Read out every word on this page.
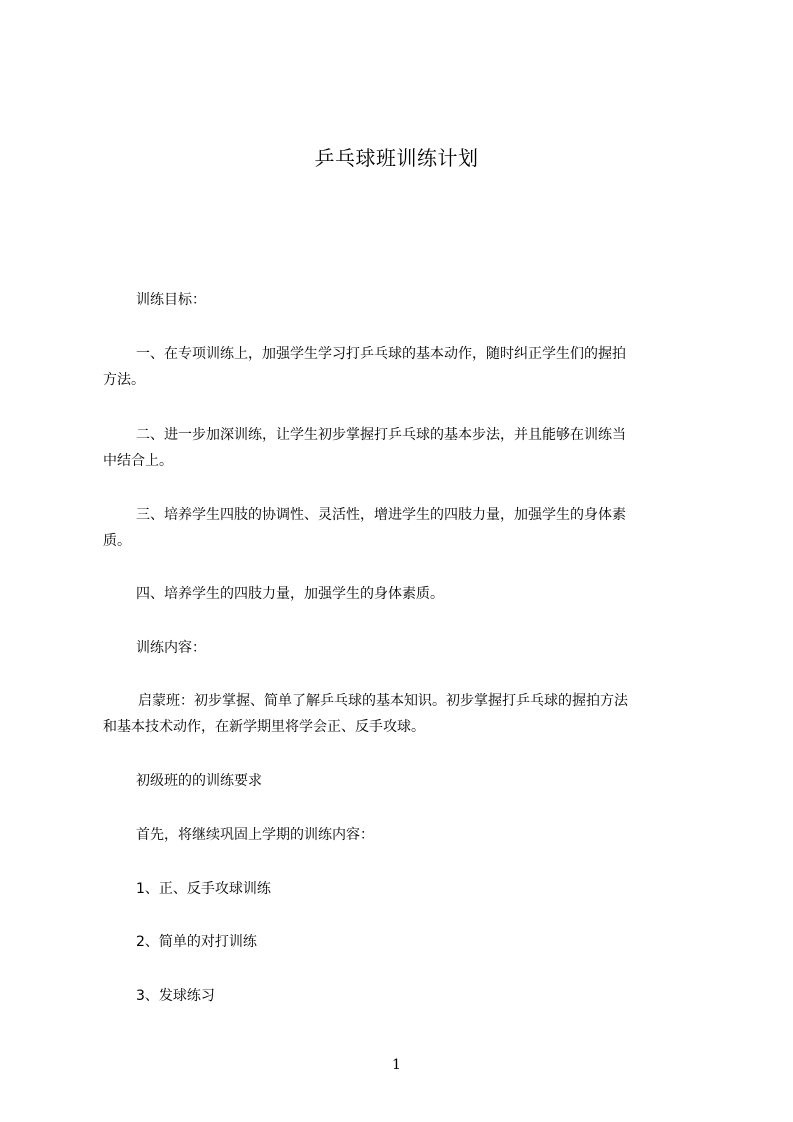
乒乓球班训练计划

训练目标：

一、在专项训练上，加强学生学习打乒乓球的基本动作，随时纠正学生们的握拍
方法。

二、进一步加深训练，让学生初步掌握打乒乓球的基本步法，并且能够在训练当
中结合上。

三、培养学生四肢的协调性、灵活性，增进学生的四肢力量，加强学生的身体素
质。

四、培养学生的四肢力量，加强学生的身体素质。

训练内容：

启蒙班：初步掌握、简单了解乒乓球的基本知识。初步掌握打乒乓球的握拍方法
和基本技术动作，在新学期里将学会正、反手攻球。

初级班的的训练要求

首先，将继续巩固上学期的训练内容：

1、正、反手攻球训练

2、简单的对打训练

3、发球练习

1
